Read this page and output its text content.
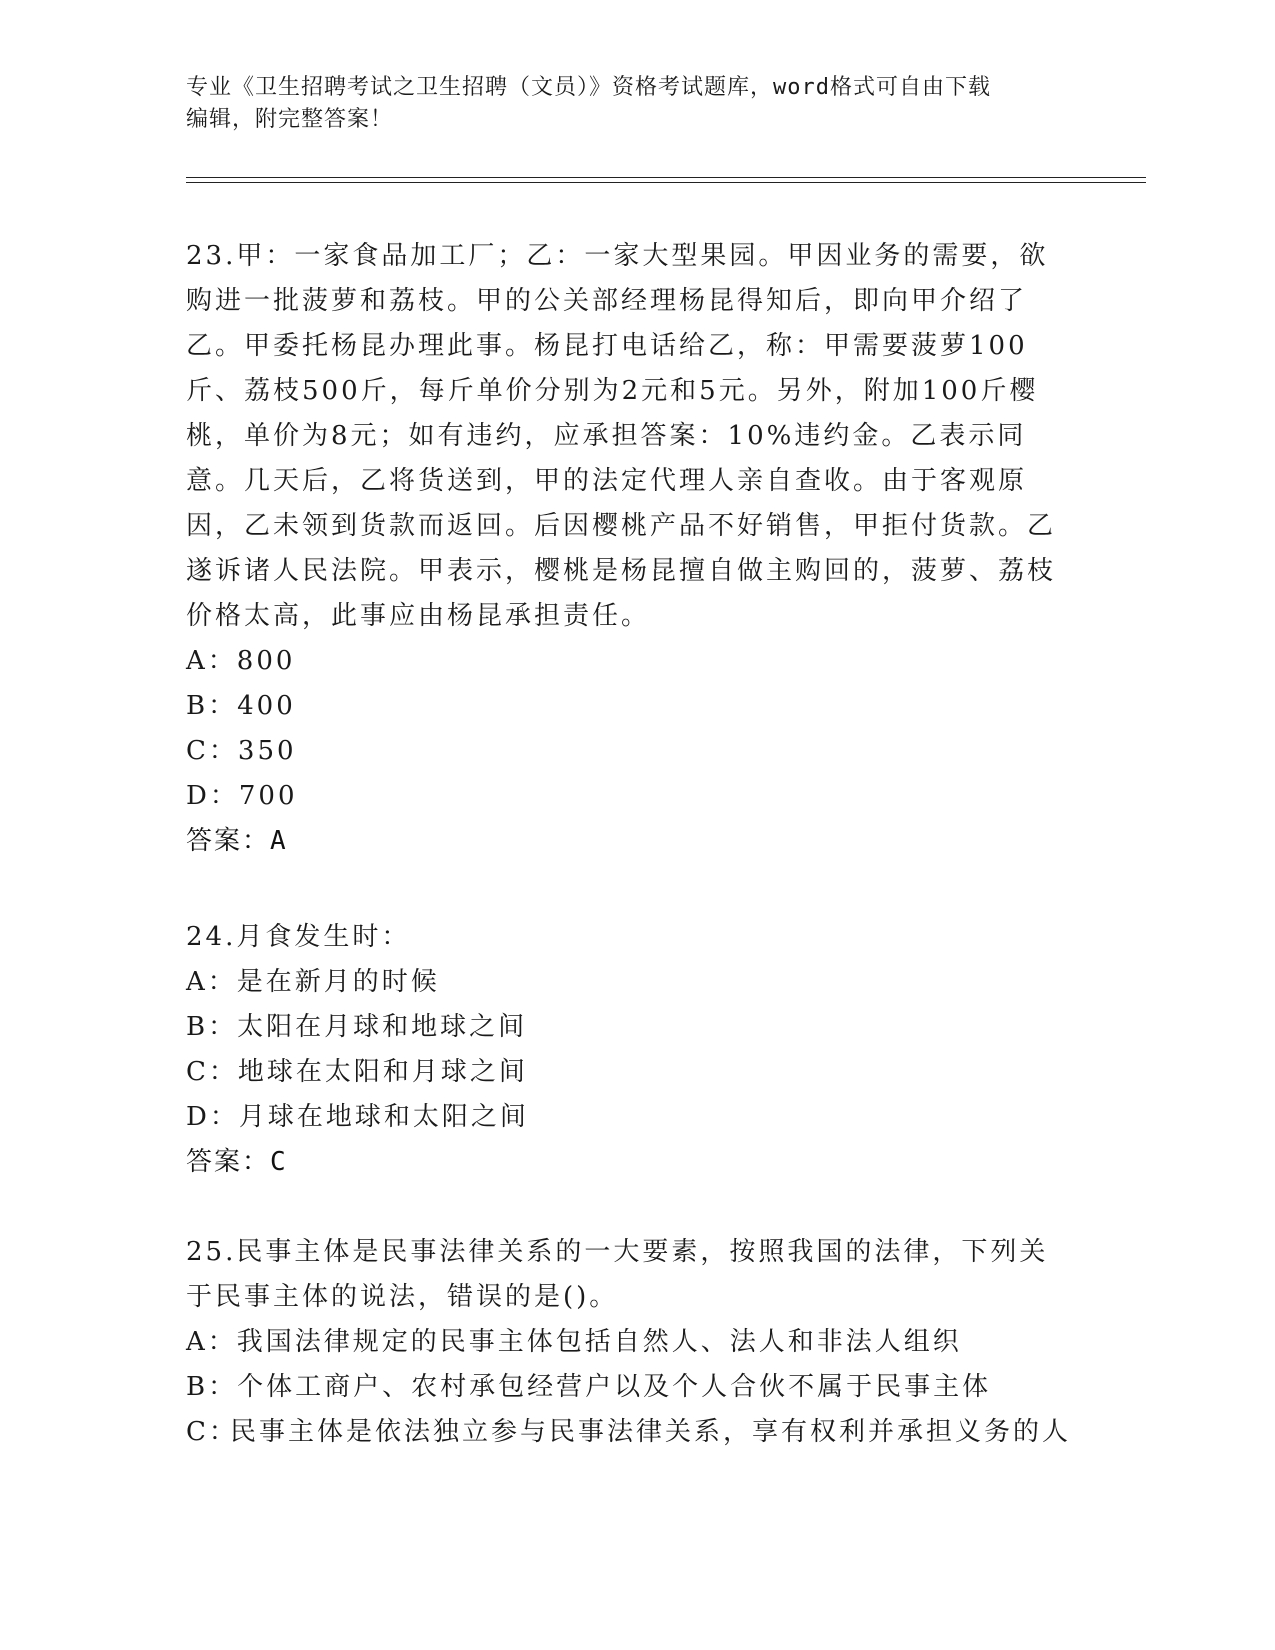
专业《卫生招聘考试之卫生招聘（文员）》资格考试题库，word格式可自由下载
编辑，附完整答案！

23.甲：一家食品加工厂；乙：一家大型果园。甲因业务的需要，欲购进一批菠萝和荔枝。甲的公关部经理杨昆得知后，即向甲介绍了乙。甲委托杨昆办理此事。杨昆打电话给乙，称：甲需要菠萝100斤、荔枝500斤，每斤单价分别为2元和5元。另外，附加100斤樱桃，单价为8元；如有违约，应承担答案：10%违约金。乙表示同意。几天后，乙将货送到，甲的法定代理人亲自查收。由于客观原因，乙未领到货款而返回。后因樱桃产品不好销售，甲拒付货款。乙遂诉诸人民法院。甲表示，樱桃是杨昆擅自做主购回的，菠萝、荔枝价格太高，此事应由杨昆承担责任。

A： 800

B： 400

C： 350

D： 700

答案：A

24.月食发生时：

A： 是在新月的时候

B： 太阳在月球和地球之间

C： 地球在太阳和月球之间

D： 月球在地球和太阳之间

答案：C

25.民事主体是民事法律关系的一大要素，按照我国的法律，下列关于民事主体的说法，错误的是()。

A： 我国法律规定的民事主体包括自然人、法人和非法人组织

B： 个体工商户、农村承包经营户以及个人合伙不属于民事主体

C：
民事主体是依法独立参与民事法律关系，享有权利并承担义务的人
